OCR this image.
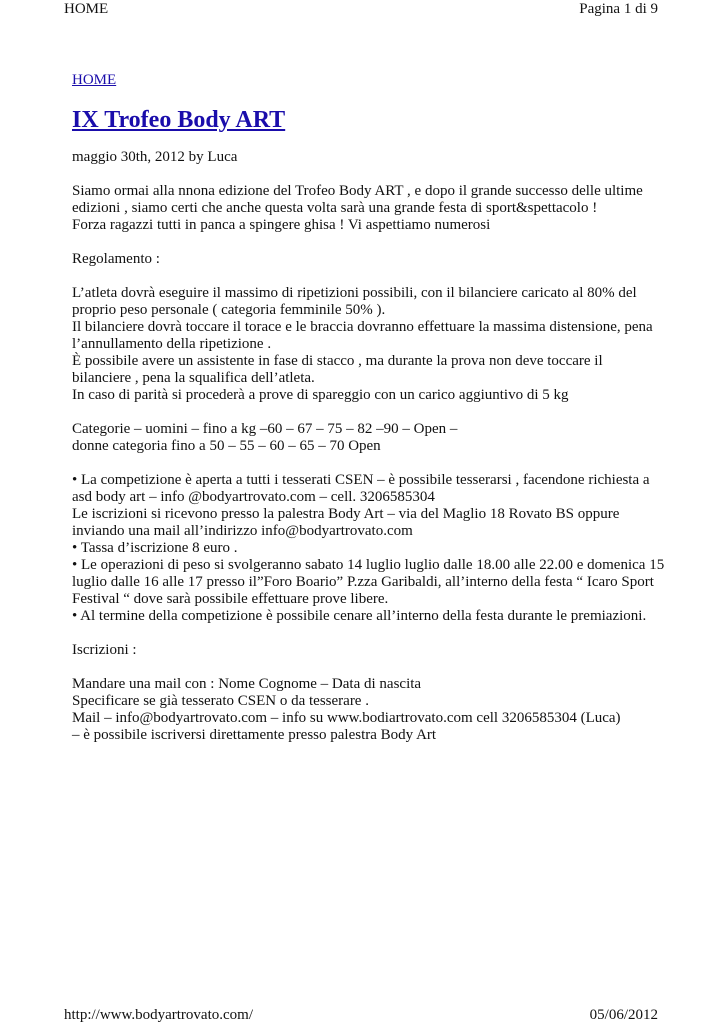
HOME	Pagina 1 di 9
HOME
IX Trofeo Body ART
maggio 30th, 2012 by Luca
Siamo ormai alla nnona edizione del Trofeo Body ART , e dopo il grande successo delle ultime
edizioni , siamo certi che anche questa volta sarà una grande festa di sport&spettacolo !
Forza ragazzi tutti in panca a spingere ghisa ! Vi aspettiamo numerosi
Regolamento :
L’atleta dovrà eseguire il massimo di ripetizioni possibili, con il bilanciere caricato al 80% del
proprio peso personale ( categoria femminile 50% ).
Il bilanciere dovrà toccare il torace e le braccia dovranno effettuare la massima distensione, pena
l’annullamento della ripetizione .
È possibile avere un assistente in fase di stacco , ma durante la prova non deve toccare il
bilanciere , pena la squalifica dell’atleta.
In caso di parità si procederà a prove di spareggio con un carico aggiuntivo di 5 kg
Categorie – uomini – fino a kg –60 – 67 – 75 – 82 –90 – Open –
donne categoria fino a 50 – 55 – 60 – 65 – 70 Open
• La competizione è aperta a tutti i tesserati CSEN – è possibile tesserarsi , facendone richiesta a
asd body art – info @bodyartrovato.com – cell. 3206585304
Le iscrizioni si ricevono presso la palestra Body Art – via del Maglio 18 Rovato BS oppure
inviando una mail all’indirizzo info@bodyartrovato.com
• Tassa d’iscrizione 8 euro .
• Le operazioni di peso si svolgeranno sabato 14 luglio luglio dalle 18.00 alle 22.00 e domenica 15
luglio dalle 16 alle 17 presso il”Foro Boario” P.zza Garibaldi, all’interno della festa “ Icaro Sport
Festival “ dove sarà possibile effettuare prove libere.
• Al termine della competizione è possibile cenare all’interno della festa durante le premiazioni.
Iscrizioni :
Mandare una mail con : Nome Cognome – Data di nascita
Specificare se già tesserato CSEN o da tesserare .
Mail – info@bodyartrovato.com – info su www.bodiartrovato.com cell 3206585304 (Luca)
– è possibile iscriversi direttamente presso palestra Body Art
http://www.bodyartrovato.com/	05/06/2012
